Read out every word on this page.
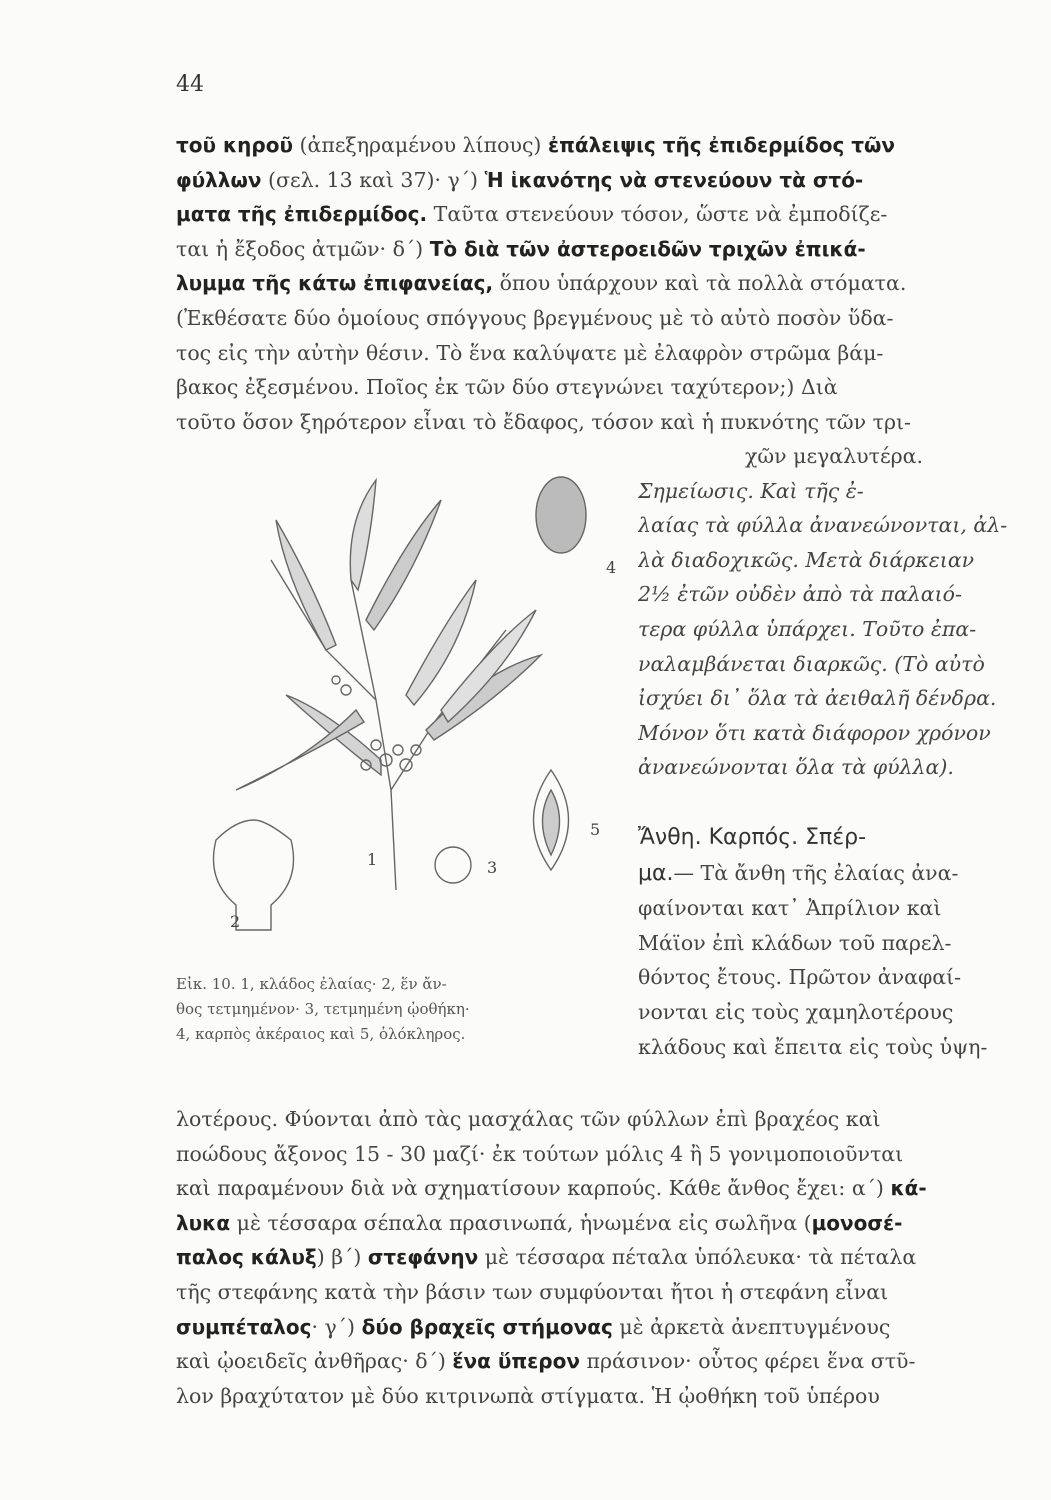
44
τοῦ κηροῦ (ἀπεξηραμένου λίπους) ἐπάλειψις τῆς ἐπιδερμίδος τῶν
φύλλων (σελ. 13 καὶ 37)· γ´) Ἡ ἱκανότης νὰ στενεύουν τὰ στό-
ματα τῆς ἐπιδερμίδος. Ταῦτα στενεύουν τόσον, ὥστε νὰ ἐμποδίζε-
ται ἡ ἔξοδος ἀτμῶν· δ´) Τὸ διὰ τῶν ἀστεροειδῶν τριχῶν ἐπικά-
λυμμα τῆς κάτω ἐπιφανείας, ὅπου ὑπάρχουν καὶ τὰ πολλὰ στόματα.
(Ἐκθέσατε δύο ὁμοίους σπόγγους βρεγμένους μὲ τὸ αὐτὸ ποσὸν ὕδα-
τος εἰς τὴν αὐτὴν θέσιν. Τὸ ἕνα καλύψατε μὲ ἐλαφρὸν στρῶμα βάμ-
βακος ἐξεσμένου. Ποῖος ἐκ τῶν δύο στεγνώνει ταχύτερον;) Διὰ
τοῦτο ὅσον ξηρότερον εἶναι τὸ ἔδαφος, τόσον καὶ ἡ πυκνότης τῶν τρι-
χῶν μεγαλυτέρα.
Σημείωσις. Καὶ τῆς ἐ-
λαίας τὰ φύλλα ἀνανεώνονται, ἀλ-
λὰ διαδοχικῶς. Μετὰ διάρκειαν
2½ ἐτῶν οὐδὲν ἀπὸ τὰ παλαιό-
τερα φύλλα ὑπάρχει. Τοῦτο ἐπα-
ναλαμβάνεται διαρκῶς. (Τὸ αὐτὸ
ἰσχύει δι᾽ ὅλα τὰ ἀειθαλῆ δένδρα.
Μόνον ὅτι κατὰ διάφορον χρόνον
ἀνανεώνονται ὅλα τὰ φύλλα).
Ἄνθη. Καρπός. Σπέρ-
μα.— Τὰ ἄνθη τῆς ἐλαίας ἀνα-
φαίνονται κατ᾽ Ἀπρίλιον καὶ
Μάϊον ἐπὶ κλάδων τοῦ παρελ-
θόντος ἔτους. Πρῶτον ἀναφαί-
νονται εἰς τοὺς χαμηλοτέρους
κλάδους καὶ ἔπειτα εἰς τοὺς ὑψη-
4
5
3
1
2
Εἰκ. 10. 1, κλάδος ἐλαίας· 2, ἕν ἄν-
θος τετμημένον· 3, τετμημένη ᾠοθήκη·
4, καρπὸς ἀκέραιος καὶ 5, ὁλόκληρος.
λοτέρους. Φύονται ἀπὸ τὰς μασχάλας τῶν φύλλων ἐπὶ βραχέος καὶ
ποώδους ἄξονος 15 - 30 μαζί· ἐκ τούτων μόλις 4 ἢ 5 γονιμοποιοῦνται
καὶ παραμένουν διὰ νὰ σχηματίσουν καρπούς. Κάθε ἄνθος ἔχει: α´) κά-
λυκα μὲ τέσσαρα σέπαλα πρασινωπά, ἡνωμένα εἰς σωλῆνα (μονοσέ-
παλος κάλυξ) β´) στεφάνην μὲ τέσσαρα πέταλα ὑπόλευκα· τὰ πέταλα
τῆς στεφάνης κατὰ τὴν βάσιν των συμφύονται ἤτοι ἡ στεφάνη εἶναι
συμπέταλος· γ´) δύο βραχεῖς στήμονας μὲ ἀρκετὰ ἀνεπτυγμένους
καὶ ᾠοειδεῖς ἀνθῆρας· δ´) ἕνα ὕπερον πράσινον· οὗτος φέρει ἕνα στῦ-
λον βραχύτατον μὲ δύο κιτρινωπὰ στίγματα. Ἡ ᾠοθήκη τοῦ ὑπέρου
